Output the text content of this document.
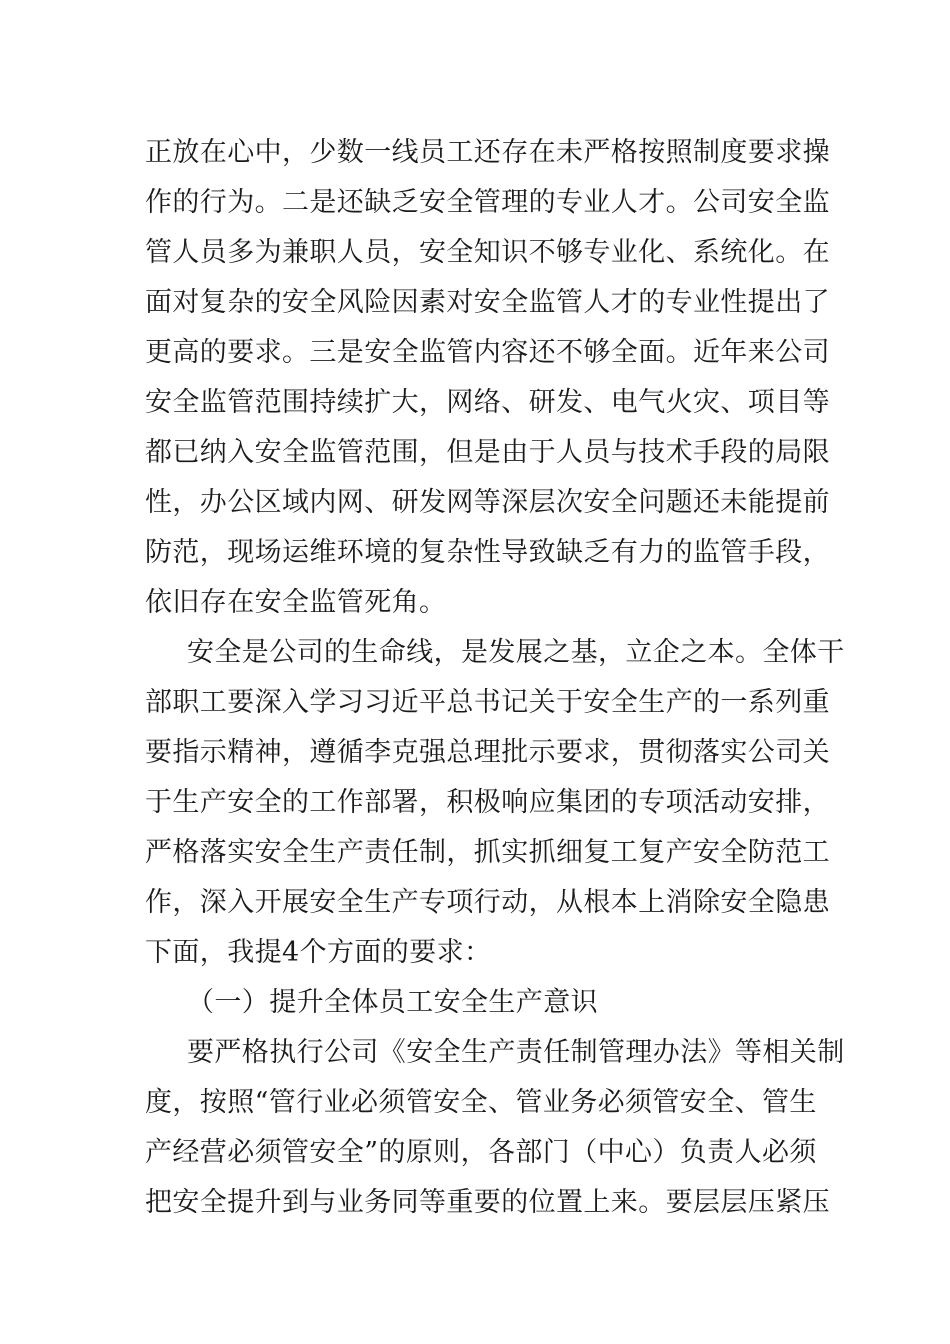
正放在心中，少数一线员工还存在未严格按照制度要求操
作的行为。二是还缺乏安全管理的专业人才。公司安全监
管人员多为兼职人员，安全知识不够专业化、系统化。在
面对复杂的安全风险因素对安全监管人才的专业性提出了
更高的要求。三是安全监管内容还不够全面。近年来公司
安全监管范围持续扩大，网络、研发、电气火灾、项目等
都已纳入安全监管范围，但是由于人员与技术手段的局限
性，办公区域内网、研发网等深层次安全问题还未能提前
防范，现场运维环境的复杂性导致缺乏有力的监管手段，
依旧存在安全监管死角。
安全是公司的生命线，是发展之基，立企之本。全体干
部职工要深入学习习近平总书记关于安全生产的一系列重
要指示精神，遵循李克强总理批示要求，贯彻落实公司关
于生产安全的工作部署，积极响应集团的专项活动安排，
严格落实安全生产责任制，抓实抓细复工复产安全防范工
作，深入开展安全生产专项行动，从根本上消除安全隐患
下面，我提4个方面的要求：
（一）提升全体员工安全生产意识
要严格执行公司《安全生产责任制管理办法》等相关制
度，按照“管行业必须管安全、管业务必须管安全、管生
产经营必须管安全”的原则，各部门（中心）负责人必须
把安全提升到与业务同等重要的位置上来。要层层压紧压
